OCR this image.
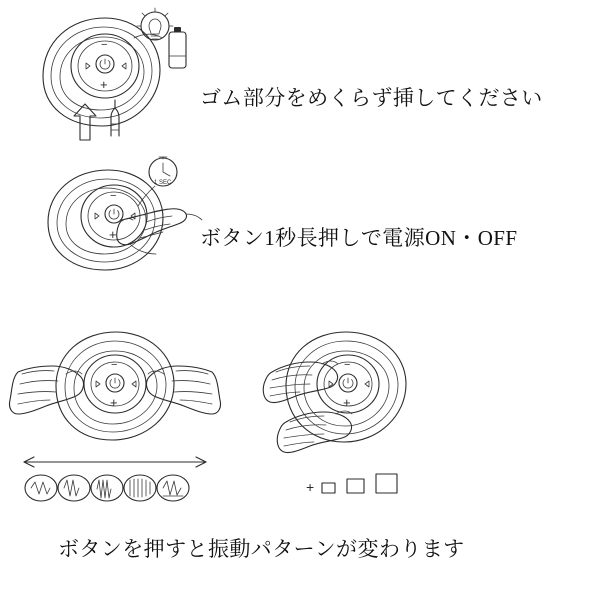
−
+
ゴム部分をめくらず挿してください
1 SEC
−
+	ボタン1秒長押しで電源ON・OFF
−
+
−
+
+
ボタンを押すと振動パターンが変わります
